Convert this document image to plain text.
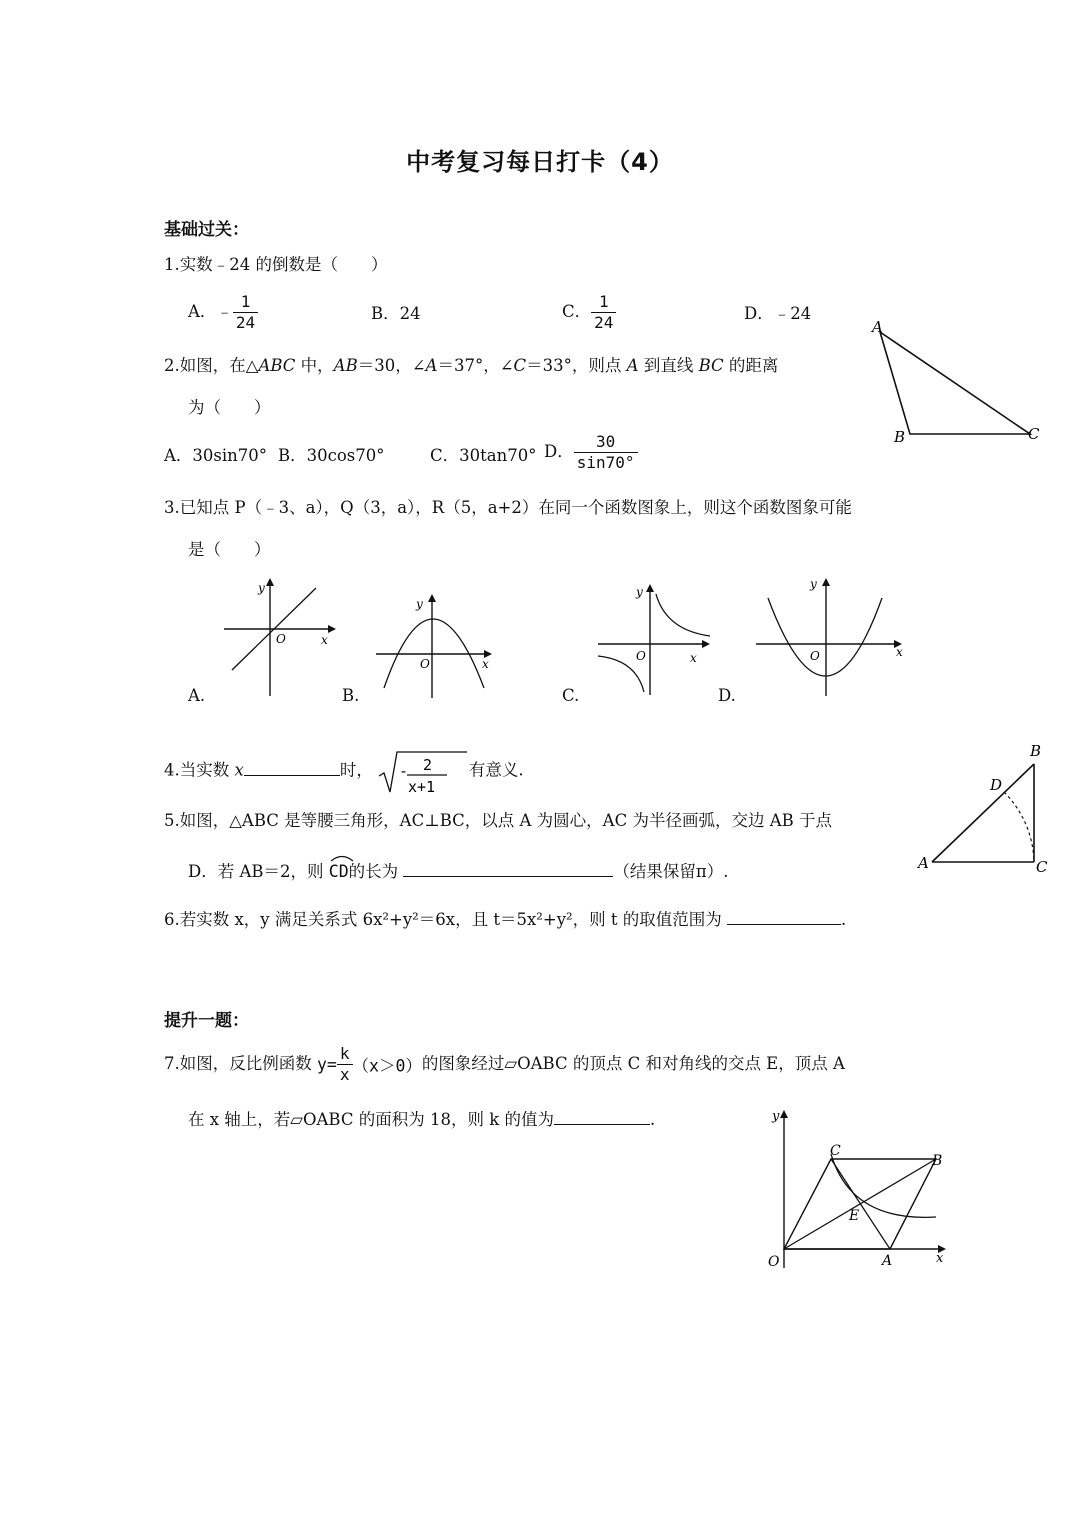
中考复习每日打卡（4）
基础过关：
1.实数﹣24 的倒数是（　　）
A．﹣ $\frac{1}{24}$	B．24	C． $\frac{1}{24}$	D．﹣24
2.如图，在△ABC 中，AB＝30，∠A＝37°，∠C＝33°，则点 A 到直线 BC 的距离
为（　　）
A．30sin70° B．30cos70°	C．30tan70° D． $\frac{30}{\sin 70^\circ}$
A
B	C
3.已知点 P（﹣3、a），Q（3，a），R（5，a+2）在同一个函数图象上，则这个函数图象可能
是（　　）
y
O	x
A.
y
O	x
B.
y
O	x
C.
y
O	x
D.
4.当实数 x	时， - 2
x+1
有意义.
A
B
C
D
5.如图，△ABC 是等腰三角形，AC⊥BC，以点 A 为圆心，AC 为半径画弧，交边 AB 于点
D．若 AB＝2，则
CD的长为	（结果保留π）.
6.若实数 x，y 满足关系式 6x²+y²＝6x，且 t＝5x²+y²，则 t 的取值范围为	.
提升一题：
7.如图，反比例函数 $y= \frac{k}{x} (x>0)$的图象经过▱OABC 的顶点 C 和对角线的交点 E，顶点 A
在 x 轴上，若▱OABC 的面积为 18，则 k 的值为	.
O	A
B
C
E
x
y
